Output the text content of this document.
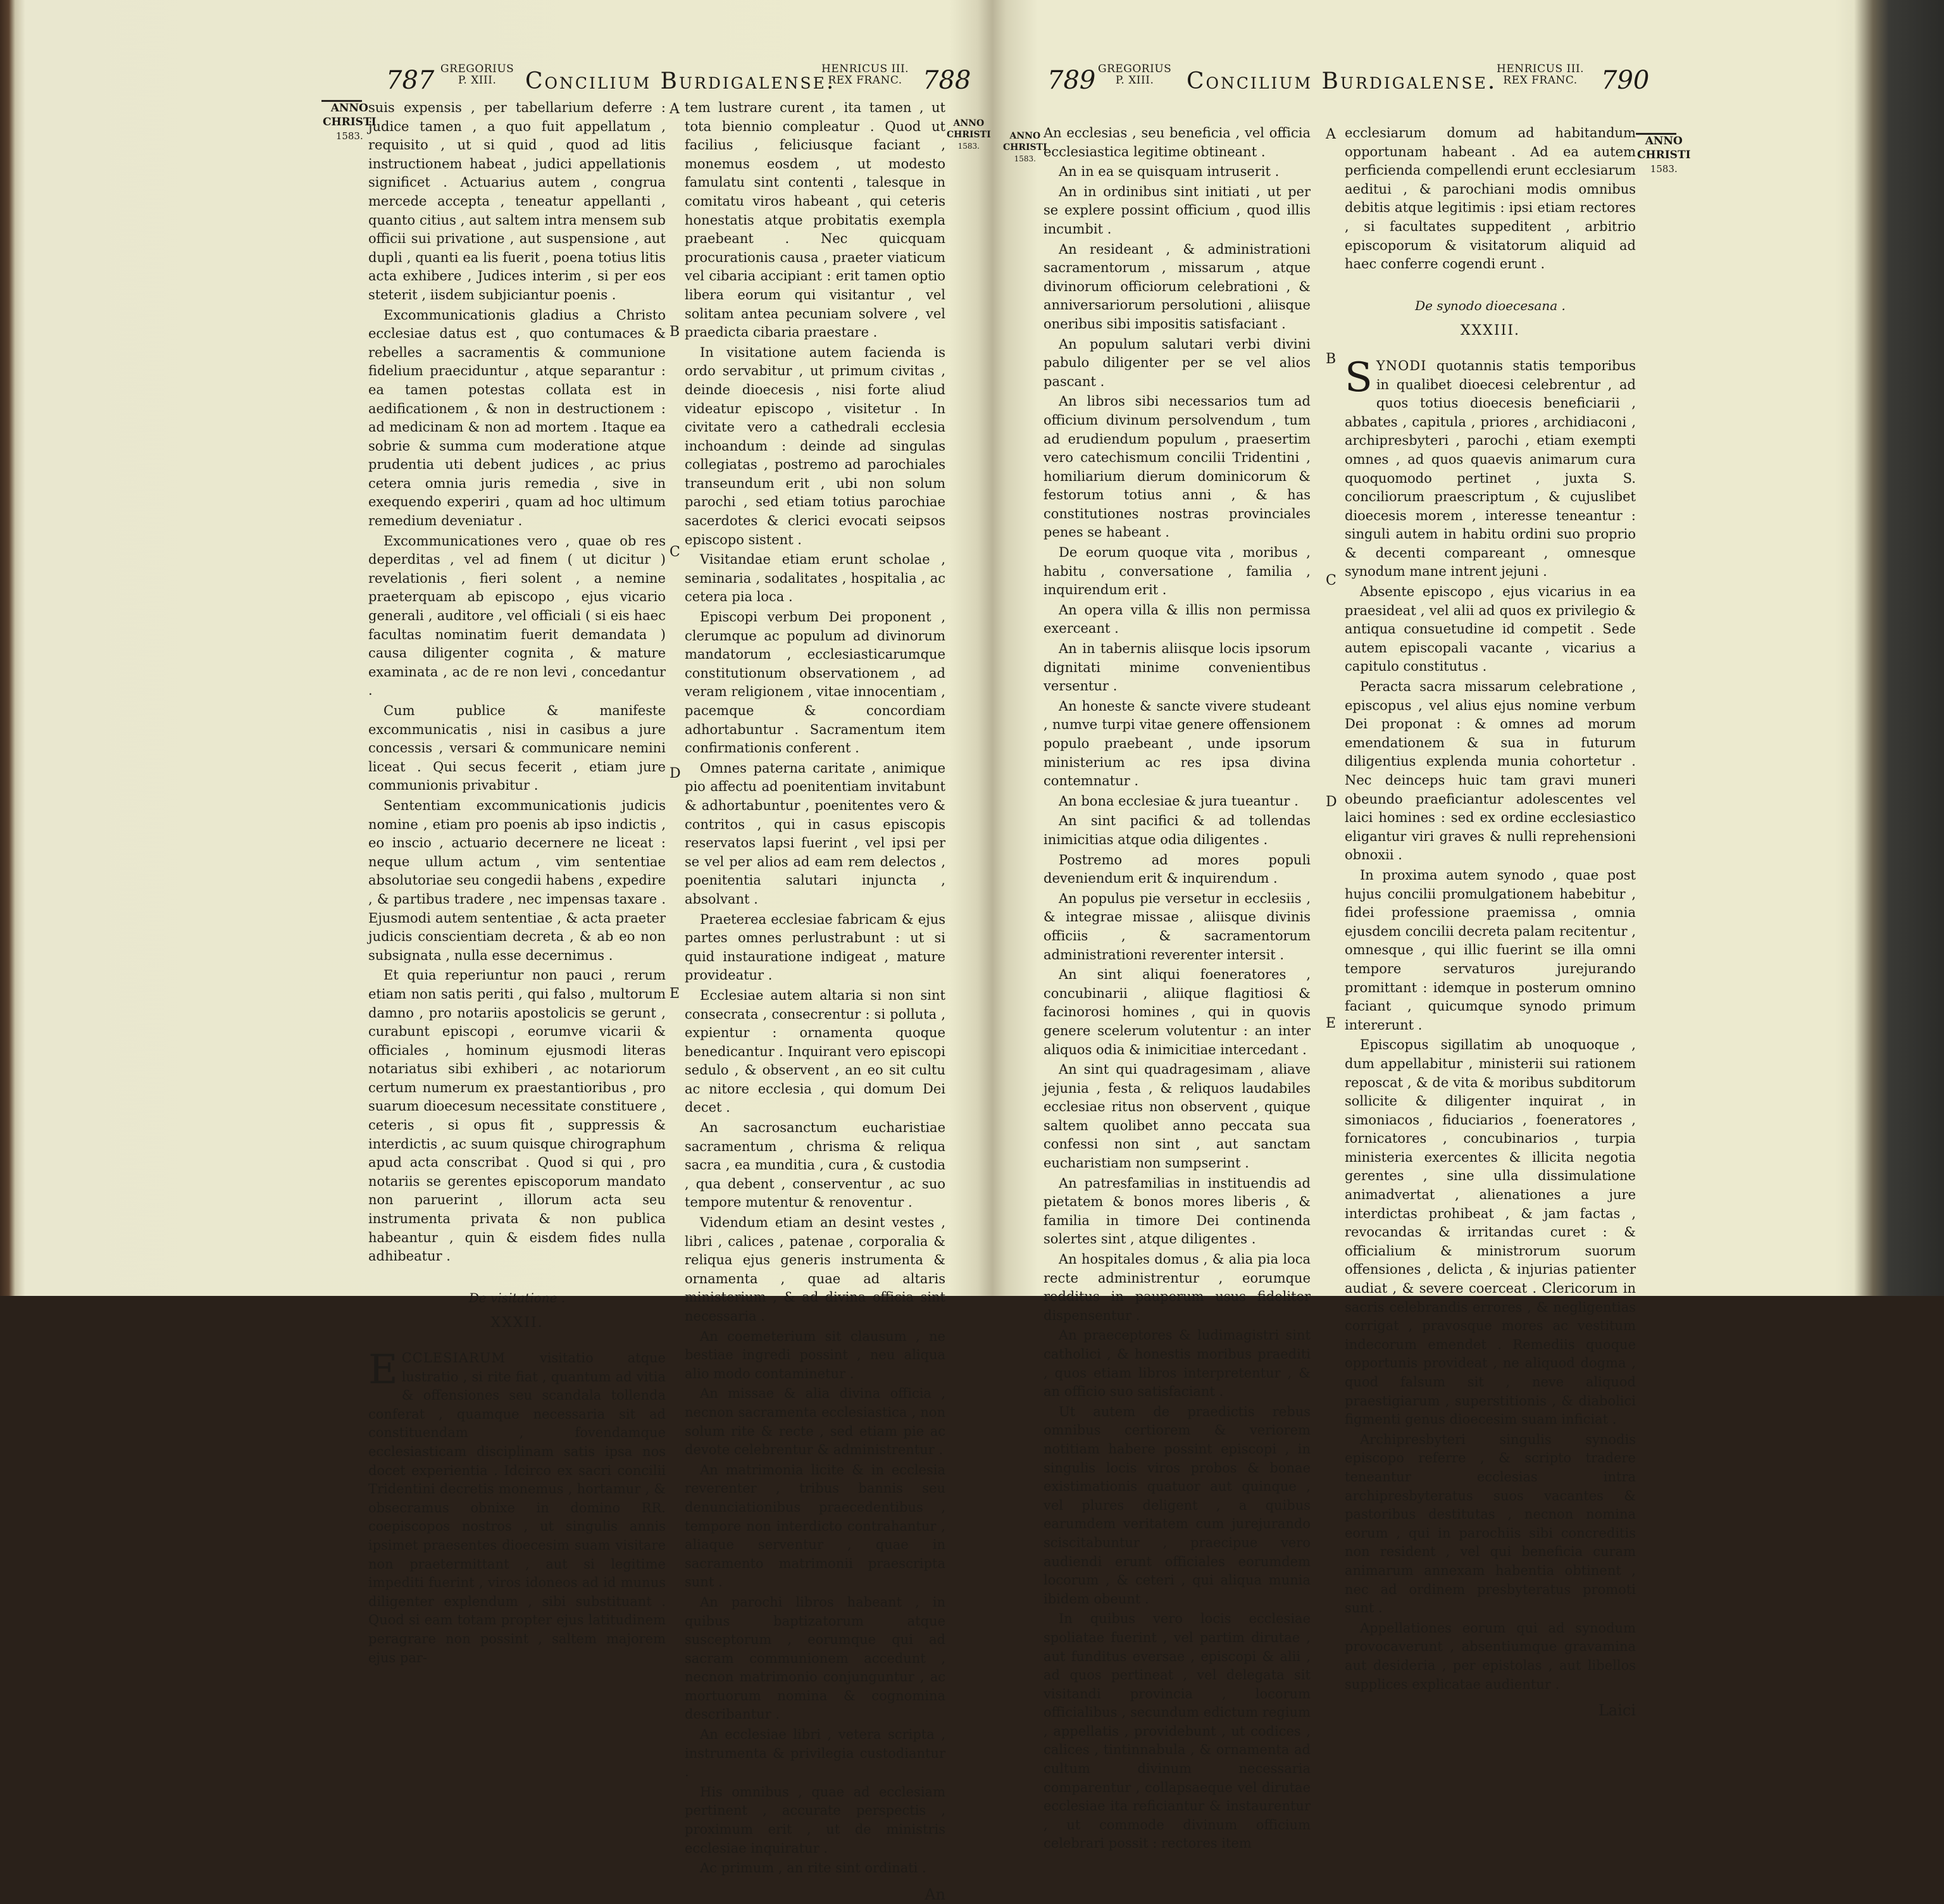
787 GREGORIUS
P. XIII.	Concilium Burdigalense.
HENRICUS III.
REX FRANC. 788
ANNO
CHRISTI
1583.
ANNO
CHRISTI
1583.

suis expensis , per tabellarium deferre : judice tamen , a quo fuit appellatum , requisito , ut si quid , quod ad litis instructionem habeat , judici appellationis significet . Actuarius autem , congrua mercede accepta , teneatur appellanti , quanto citius , aut saltem intra mensem sub officii sui privatione , aut suspensione , aut dupli , quanti ea lis fuerit , poena totius litis acta exhibere , Judices interim , si per eos steterit , iisdem subjiciantur poenis .

Excommunicationis gladius a Christo ecclesiae datus est , quo contumaces & rebelles a sacramentis & communione fidelium praeciduntur , atque separantur : ea tamen potestas collata est in aedificationem , & non in destructionem : ad medicinam & non ad mortem . Itaque ea sobrie & summa cum moderatione atque prudentia uti debent judices , ac prius cetera omnia juris remedia , sive in exequendo experiri , quam ad hoc ultimum remedium deveniatur .

Excommunicationes vero , quae ob res deperditas , vel ad finem ( ut dicitur ) revelationis , fieri solent , a nemine praeterquam ab episcopo , ejus vicario generali , auditore , vel officiali ( si eis haec facultas nominatim fuerit demandata ) causa diligenter cognita , & mature examinata , ac de re non levi , concedantur .

Cum publice & manifeste excommunicatis , nisi in casibus a jure concessis , versari & communicare nemini liceat . Qui secus fecerit , etiam jure communionis privabitur .

Sententiam excommunicationis judicis nomine , etiam pro poenis ab ipso indictis , eo inscio , actuario decernere ne liceat : neque ullum actum , vim sententiae absolutoriae seu congedii habens , expedire , & partibus tradere , nec impensas taxare . Ejusmodi autem sententiae , & acta praeter judicis conscientiam decreta , & ab eo non subsignata , nulla esse decernimus .

Et quia reperiuntur non pauci , rerum etiam non satis periti , qui falso , multorum damno , pro notariis apostolicis se gerunt , curabunt episcopi , eorumve vicarii & officiales , hominum ejusmodi literas notariatus sibi exhiberi , ac notariorum certum numerum ex praestantioribus , pro suarum dioecesum necessitate constituere , ceteris , si opus fit , suppressis & interdictis , ac suum quisque chirographum apud acta conscribat . Quod si qui , pro notariis se gerentes episcoporum mandato non paruerint , illorum acta seu instrumenta privata & non publica habeantur , quin & eisdem fides nulla adhibeatur .

De visitatione .
XXXII.

ECCLESIARUM visitatio atque lustratio , si rite fiat , quantum ad vitia & offensiones seu scandala tollenda conferat , quamque necessaria sit ad constituendam , fovendamque ecclesiasticam disciplinam satis ipsa nos docet experientia . Idcirco ex sacri concilii Tridentini decretis monemus , hortamur , & obsecramus obnixe in domino RR. coepiscopos nostros , ut singulis annis ipsimet praesentes dioecesim suam visitare non praetermittant , aut si legitime impediti fuerint , viros idoneos ad id munus diligenter explendum , sibi substituant . Quod si eam totam propter ejus latitudinem peragrare non possint , saltem majorem ejus par-

A
B
C
D
E

tem lustrare curent , ita tamen , ut tota biennio compleatur . Quod ut facilius , feliciusque faciant , monemus eosdem , ut modesto famulatu sint contenti , talesque in comitatu viros habeant , qui ceteris honestatis atque probitatis exempla praebeant . Nec quicquam procurationis causa , praeter viaticum vel cibaria accipiant : erit tamen optio libera eorum qui visitantur , vel solitam antea pecuniam solvere , vel praedicta cibaria praestare .

In visitatione autem facienda is ordo servabitur , ut primum civitas , deinde dioecesis , nisi forte aliud videatur episcopo , visitetur . In civitate vero a cathedrali ecclesia inchoandum : deinde ad singulas collegiatas , postremo ad parochiales transeundum erit , ubi non solum parochi , sed etiam totius parochiae sacerdotes & clerici evocati seipsos episcopo sistent .

Visitandae etiam erunt scholae , seminaria , sodalitates , hospitalia , ac cetera pia loca .

Episcopi verbum Dei proponent , clerumque ac populum ad divinorum mandatorum , ecclesiasticarumque constitutionum observationem , ad veram religionem , vitae innocentiam , pacemque & concordiam adhortabuntur . Sacramentum item confirmationis conferent .

Omnes paterna caritate , animique pio affectu ad poenitentiam invitabunt & adhortabuntur , poenitentes vero & contritos , qui in casus episcopis reservatos lapsi fuerint , vel ipsi per se vel per alios ad eam rem delectos , poenitentia salutari injuncta , absolvant .

Praeterea ecclesiae fabricam & ejus partes omnes perlustrabunt : ut si quid instauratione indigeat , mature provideatur .

Ecclesiae autem altaria si non sint consecrata , consecrentur : si polluta , expientur : ornamenta quoque benedicantur . Inquirant vero episcopi sedulo , & observent , an eo sit cultu ac nitore ecclesia , qui domum Dei decet .

An sacrosanctum eucharistiae sacramentum , chrisma & reliqua sacra , ea munditia , cura , & custodia , qua debent , conserventur , ac suo tempore mutentur & renoventur .

Videndum etiam an desint vestes , libri , calices , patenae , corporalia & reliqua ejus generis instrumenta & ornamenta , quae ad altaris ministerium , & ad divina officia sint necessaria .

An coemeterium sit clausum , ne bestiae ingredi possint , neu aliqua alio modo contaminetur .

An missae & alia divina officia , necnon sacramenta ecclesiastica , non solum rite & recte , sed etiam pie ac devote celebrentur & administrentur .

An matrimonia licite & in ecclesia reverenter , tribus bannis seu denunciationibus praecedentibus , tempore non interdicto contrahantur , aliaque serventur , quae in sacramento matrimonii praescripta sunt .

An parochi libros habeant , in quibus baptizatorum atque susceptorum , eorumque qui ad sacram communionem accedunt , necnon matrimonio conjunguntur , ac mortuorum nomina & cognomina describantur .

An ecclesiae libri , vetera scripta , instrumenta & privilegia custodiantur .

His omnibus , quae ad ecclesiam pertinent , accurate perspectis , proximum erit , ut de ministris ecclesiae inquiratur .

Ac primum , an rite sint ordinati .

An
789 GREGORIUS
P. XIII.	Concilium Burdigalense. HENRICUS III.
REX FRANC. 790
ANNO
CHRISTI
1583.
ANNO
CHRISTI
1583.

An ecclesias , seu beneficia , vel officia ecclesiastica legitime obtineant .

An in ea se quisquam intruserit .

An in ordinibus sint initiati , ut per se explere possint officium , quod illis incumbit .

An resideant , & administrationi sacramentorum , missarum , atque divinorum officiorum celebrationi , & anniversariorum persolutioni , aliisque oneribus sibi impositis satisfaciant .

An populum salutari verbi divini pabulo diligenter per se vel alios pascant .

An libros sibi necessarios tum ad officium divinum persolvendum , tum ad erudiendum populum , praesertim vero catechismum concilii Tridentini , homiliarium dierum dominicorum & festorum totius anni , & has constitutiones nostras provinciales penes se habeant .

De eorum quoque vita , moribus , habitu , conversatione , familia , inquirendum erit .

An opera villa & illis non permissa exerceant .

An in tabernis aliisque locis ipsorum dignitati minime convenientibus versentur .

An honeste & sancte vivere studeant , numve turpi vitae genere offensionem populo praebeant , unde ipsorum ministerium ac res ipsa divina contemnatur .

An bona ecclesiae & jura tueantur .

An sint pacifici & ad tollendas inimicitias atque odia diligentes .

Postremo ad mores populi deveniendum erit & inquirendum .

An populus pie versetur in ecclesiis , & integrae missae , aliisque divinis officiis , & sacramentorum administrationi reverenter intersit .

An sint aliqui foeneratores , concubinarii , aliique flagitiosi & facinorosi homines , qui in quovis genere scelerum volutentur : an inter aliquos odia & inimicitiae intercedant .

An sint qui quadragesimam , aliave jejunia , festa , & reliquos laudabiles ecclesiae ritus non observent , quique saltem quolibet anno peccata sua confessi non sint , aut sanctam eucharistiam non sumpserint .

An patresfamilias in instituendis ad pietatem & bonos mores liberis , & familia in timore Dei continenda solertes sint , atque diligentes .

An hospitales domus , & alia pia loca recte administrentur , eorumque redditus in pauperum usus fideliter dispensentur .

An praeceptores & ludimagistri sint catholici , & honestis moribus praediti , quos etiam libros interpretentur , & an officio suo satisfaciant .

Ut autem de praedictis rebus omnibus certiorem & veriorem notitiam habere possint episcopi , in singulis locis viros probos & bonae existimationis quatuor aut quinque , vel plures deligent , a quibus earumdem veritatem cum jurejurando sciscitabuntur , praecipue vero audiendi erunt officiales eorumdem locorum , & ceteri , qui aliqua munia ibidem obeunt .

In quibus vero locis ecclesiae spoliatae fuerint , vel partim dirutae , aut funditus eversae , episcopi & alii , ad quos pertineat , vel delegata sit visitandi provincia , locorum officialibus , secundum edictum regium , appellatis , providebunt , ut codices , calices , tintinnabula , & ornamenta ad cultum divinum necessaria comparentur , collapsaeque vel dirutae ecclesiae ita reficiantur & instaurentur , ut commode divinum officium celebrari possit : rectores item

A
B
C
D
E

ecclesiarum domum ad habitandum opportunam habeant . Ad ea autem perficienda compellendi erunt ecclesiarum aeditui , & parochiani modis omnibus debitis atque legitimis : ipsi etiam rectores , si facultates suppeditent , arbitrio episcoporum & visitatorum aliquid ad haec conferre cogendi erunt .

De synodo dioecesana .
XXXIII.

SYNODI quotannis statis temporibus in qualibet dioecesi celebrentur , ad quos totius dioecesis beneficiarii , abbates , capitula , priores , archidiaconi , archipresbyteri , parochi , etiam exempti omnes , ad quos quaevis animarum cura quoquomodo pertinet , juxta S. conciliorum praescriptum , & cujuslibet dioecesis morem , interesse teneantur : singuli autem in habitu ordini suo proprio & decenti compareant , omnesque synodum mane intrent jejuni .

Absente episcopo , ejus vicarius in ea praesideat , vel alii ad quos ex privilegio & antiqua consuetudine id competit . Sede autem episcopali vacante , vicarius a capitulo constitutus .

Peracta sacra missarum celebratione , episcopus , vel alius ejus nomine verbum Dei proponat : & omnes ad morum emendationem & sua in futurum diligentius explenda munia cohortetur . Nec deinceps huic tam gravi muneri obeundo praeficiantur adolescentes vel laici homines : sed ex ordine ecclesiastico eligantur viri graves & nulli reprehensioni obnoxii .

In proxima autem synodo , quae post hujus concilii promulgationem habebitur , fidei professione praemissa , omnia ejusdem concilii decreta palam recitentur , omnesque , qui illic fuerint se illa omni tempore servaturos jurejurando promittant : idemque in posterum omnino faciant , quicumque synodo primum intererunt .

Episcopus sigillatim ab unoquoque , dum appellabitur , ministerii sui rationem reposcat , & de vita & moribus subditorum sollicite & diligenter inquirat , in simoniacos , fiduciarios , foeneratores , fornicatores , concubinarios , turpia ministeria exercentes & illicita negotia gerentes , sine ulla dissimulatione animadvertat , alienationes a jure interdictas prohibeat , & jam factas , revocandas & irritandas curet : & officialium & ministrorum suorum offensiones , delicta , & injurias patienter audiat , & severe coerceat . Clericorum in sacris celebrandis errores , & negligentias corrigat , pravosque mores ac vestitum indecorum emendet . Remediis quoque opportunis provideat , ne aliquod dogma , quod falsum sit , neve aliquod praestigiarum , superstitionis , & diabolici figmenti genus dioecesim suam inficiat .

Archipresbyteri singulis synodis episcopo referre , & scripto tradere teneantur ecclesias intra archipresbyteratus suos vacantes & pastoribus destitutas , necnon nomina eorum , qui in parochiis sibi concreditis non resident , vel qui beneficia curam animarum annexam habentia obtinent , nec ad ordinem presbyteratus promoti sunt .

Appellationes eorum qui ad synodum provocaverunt , absentiumque gravamina aut desideria , per epistolas , aut libellos supplices explicatae audientur .

Laici
